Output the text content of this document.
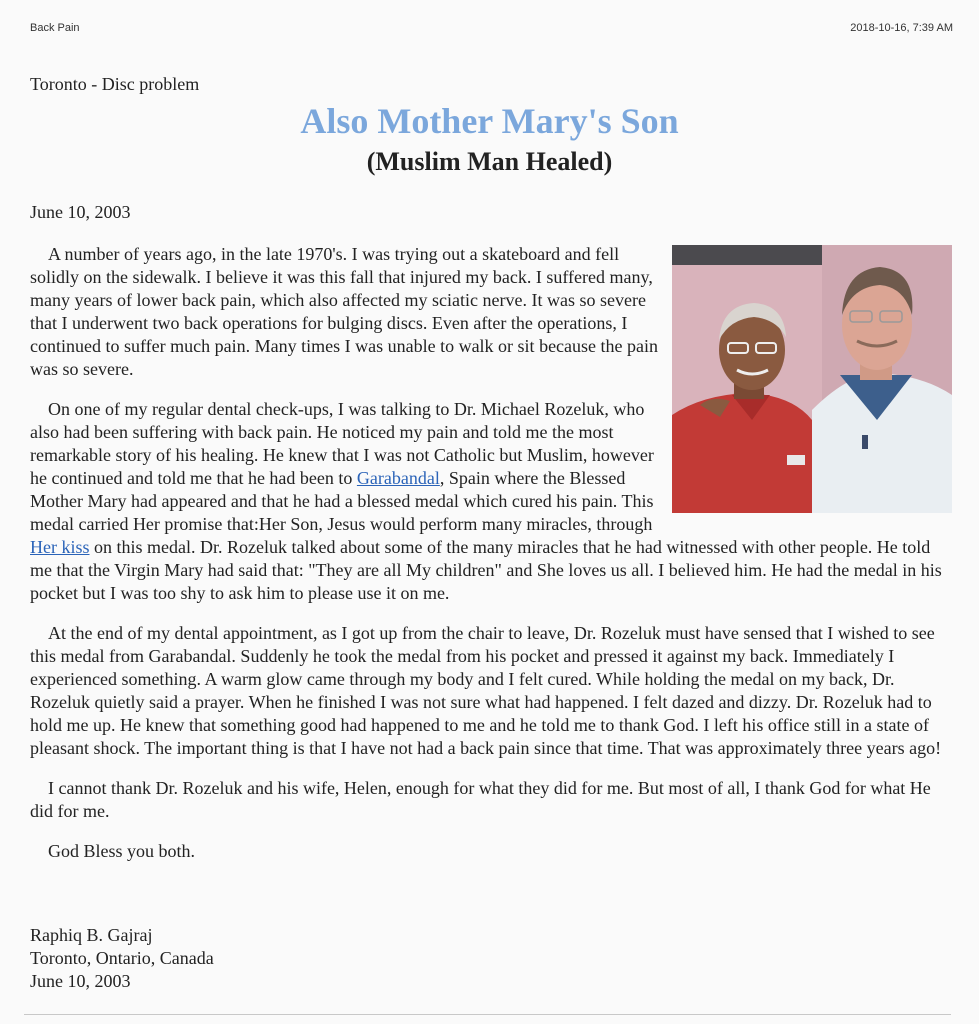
Back Pain	2018-10-16, 7:39 AM
Toronto - Disc problem
Also Mother Mary's Son
(Muslim Man Healed)
June 10, 2003

A number of years ago, in the late 1970's. I was trying out a skateboard and fell solidly on the sidewalk. I believe it was this fall that injured my back. I suffered many, many years of lower back pain, which also affected my sciatic nerve. It was so severe that I underwent two back operations for bulging discs. Even after the operations, I continued to suffer much pain. Many times I was unable to walk or sit because the pain was so severe.

On one of my regular dental check-ups, I was talking to Dr. Michael Rozeluk, who also had been suffering with back pain. He noticed my pain and told me the most remarkable story of his healing. He knew that I was not Catholic but Muslim, however he continued and told me that he had been to Garabandal, Spain where the Blessed Mother Mary had appeared and that he had a blessed medal which cured his pain. This medal carried Her promise that:Her Son, Jesus would perform many miracles, through Her kiss on this medal. Dr. Rozeluk talked about some of the many miracles that he had witnessed with other people. He told me that the Virgin Mary had said that: "They are all My children" and She loves us all. I believed him. He had the medal in his pocket but I was too shy to ask him to please use it on me.

At the end of my dental appointment, as I got up from the chair to leave, Dr. Rozeluk must have sensed that I wished to see this medal from Garabandal. Suddenly he took the medal from his pocket and pressed it against my back. Immediately I experienced something. A warm glow came through my body and I felt cured. While holding the medal on my back, Dr. Rozeluk quietly said a prayer. When he finished I was not sure what had happened. I felt dazed and dizzy. Dr. Rozeluk had to hold me up. He knew that something good had happened to me and he told me to thank God. I left his office still in a state of pleasant shock. The important thing is that I have not had a back pain since that time. That was approximately three years ago!

I cannot thank Dr. Rozeluk and his wife, Helen, enough for what they did for me. But most of all, I thank God for what He did for me.

God Bless you both.

Raphiq B. Gajraj
Toronto, Ontario, Canada
June 10, 2003
